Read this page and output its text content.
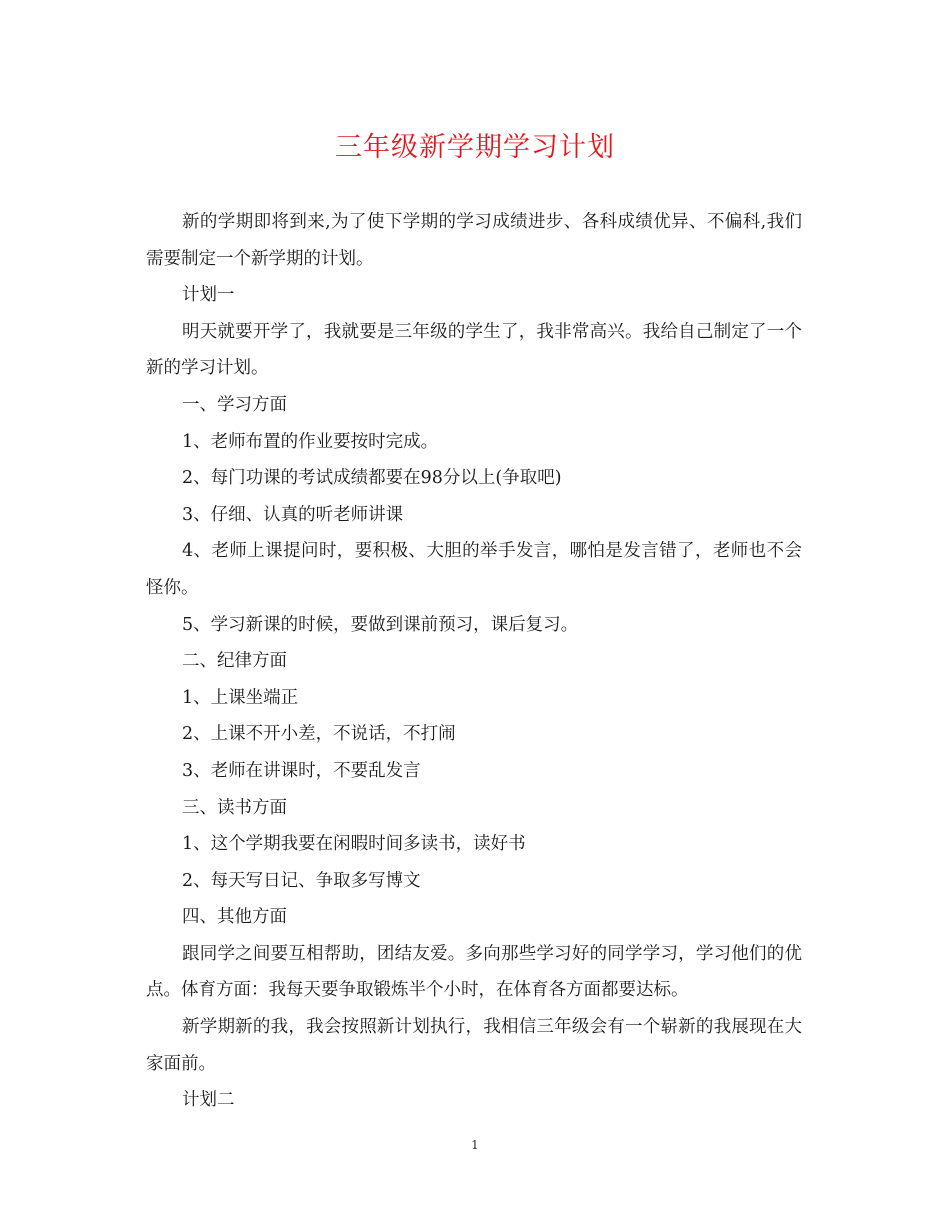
三年级新学期学习计划

新的学期即将到来,为了使下学期的学习成绩进步、各科成绩优异、不偏科,我们需要制定一个新学期的计划。

计划一

明天就要开学了，我就要是三年级的学生了，我非常高兴。我给自己制定了一个新的学习计划。

一、学习方面

1、老师布置的作业要按时完成。

2、每门功课的考试成绩都要在98分以上(争取吧)

3、仔细、认真的听老师讲课

4、老师上课提问时，要积极、大胆的举手发言，哪怕是发言错了，老师也不会怪你。

5、学习新课的时候，要做到课前预习，课后复习。

二、纪律方面

1、上课坐端正

2、上课不开小差，不说话，不打闹

3、老师在讲课时，不要乱发言

三、读书方面

1、这个学期我要在闲暇时间多读书，读好书

2、每天写日记、争取多写博文

四、其他方面

跟同学之间要互相帮助，团结友爱。多向那些学习好的同学学习，学习他们的优点。体育方面：我每天要争取锻炼半个小时，在体育各方面都要达标。

新学期新的我，我会按照新计划执行，我相信三年级会有一个崭新的我展现在大家面前。

计划二

1
